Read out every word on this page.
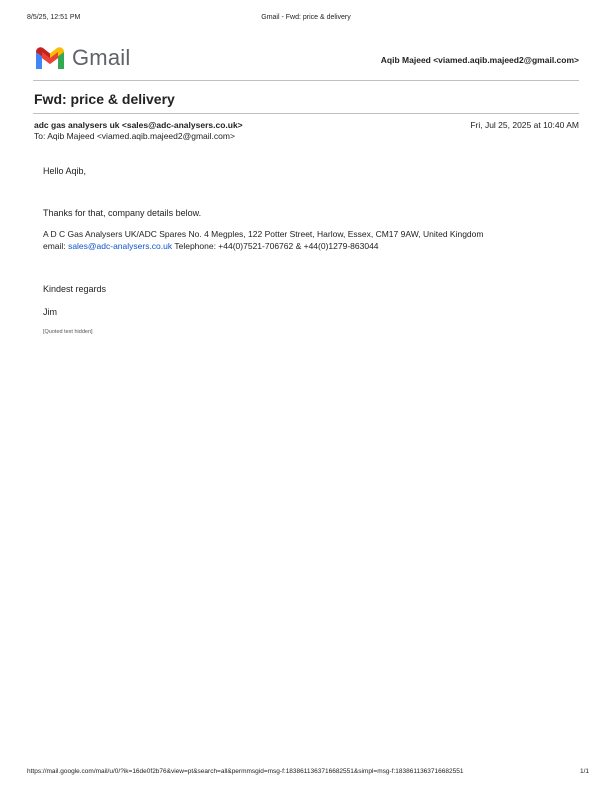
8/5/25, 12:51 PM	Gmail - Fwd: price & delivery
Gmail	Aqib Majeed <viamed.aqib.majeed2@gmail.com>
Fwd: price & delivery
adc gas analysers uk <sales@adc-analysers.co.uk>	Fri, Jul 25, 2025 at 10:40 AM
To: Aqib Majeed <viamed.aqib.majeed2@gmail.com>
Hello Aqib,
Thanks for that, company details below.
A D C Gas Analysers UK/ADC Spares No. 4 Megples, 122 Potter Street, Harlow, Essex, CM17 9AW, United Kingdom
email: sales@adc-analysers.co.uk Telephone: +44(0)7521-706762 & +44(0)1279-863044
Kindest regards
Jim
[Quoted text hidden]
https://mail.google.com/mail/u/0/?ik=16de0f2b76&view=pt&search=all&permmsgid=msg-f:1838611363716682551&simpl=msg-f:1838611363716682551	1/1
